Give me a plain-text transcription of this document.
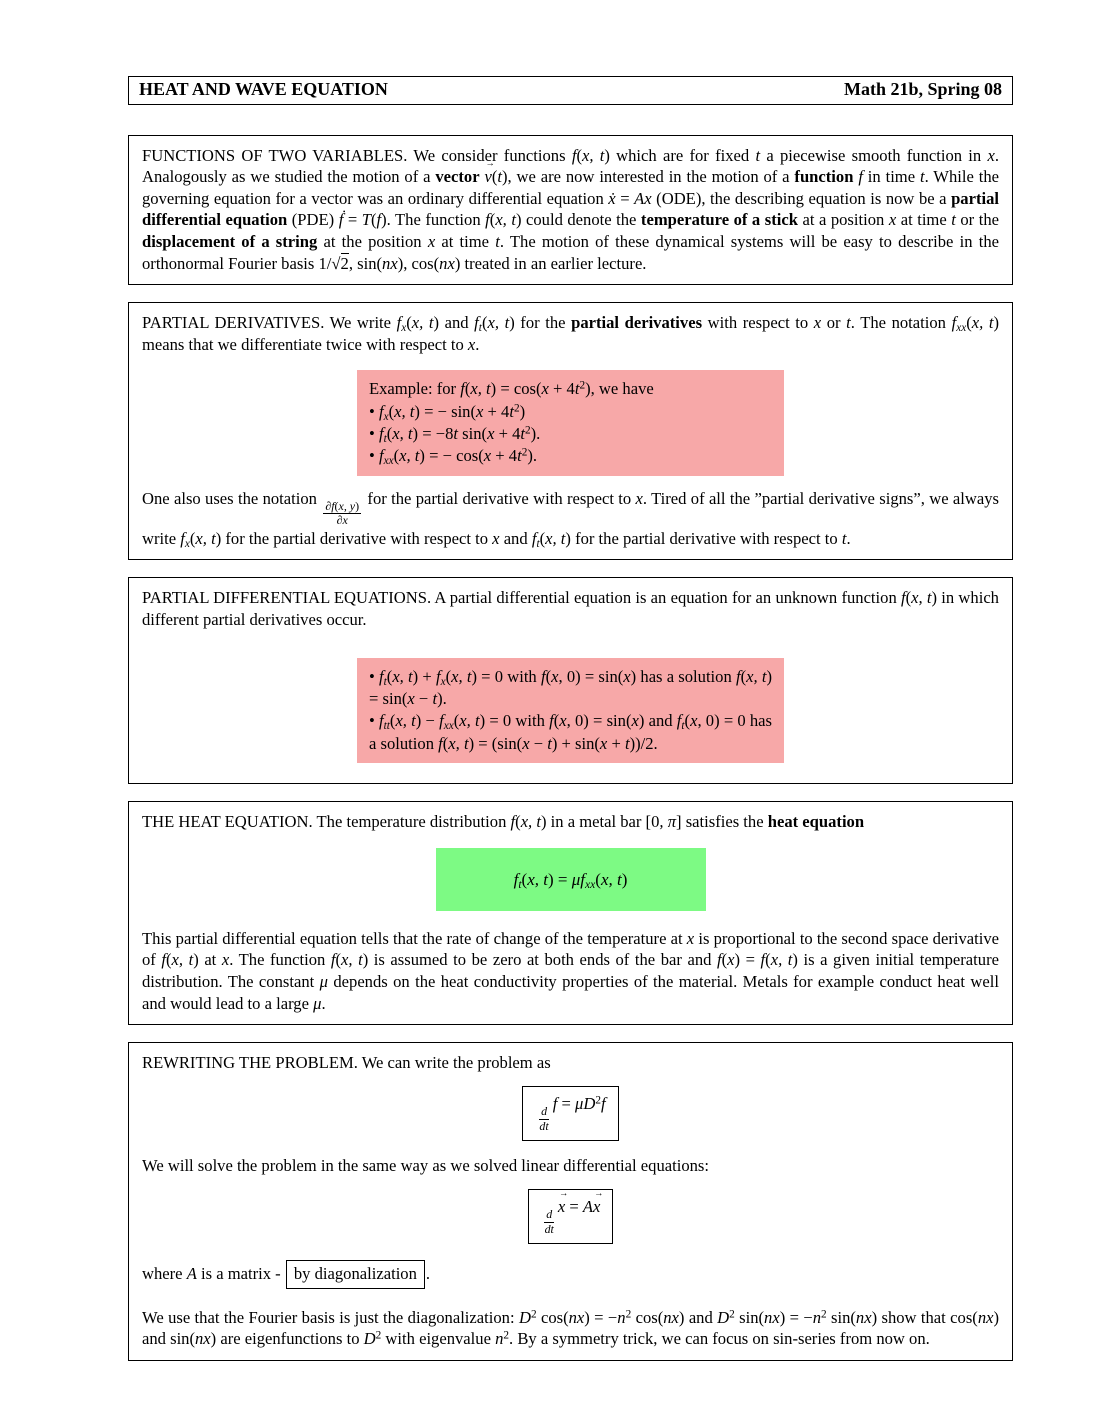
HEAT AND WAVE EQUATION	Math 21b, Spring 08

FUNCTIONS OF TWO VARIABLES. We consider functions f(x, t) which are for fixed t a piecewise smooth function in x. Analogously as we studied the motion of a vector v →(t), we are now interested in the motion of a function f in time t. While the governing equation for a vector was an ordinary differential equation ẋ = Ax (ODE), the describing equation is now be a partial differential equation (PDE) ḟ = T(f). The function f(x, t) could denote the temperature of a stick at a position x at time t or the displacement of a string at the position x at time t. The motion of these dynamical systems will be easy to describe in the orthonormal Fourier basis 1/√2, sin(nx), cos(nx) treated in an earlier lecture.

PARTIAL DERIVATIVES. We write $f_x(x$, t) and $f_t(x$, t) for the partial derivatives with respect to x or t. The notation $f_{xx}(x$, t) means that we differentiate twice with respect to x.

Example: for f(x, $t) = \cos(x + 4t^2)$, we have
• $f_x(x$, t) = − $\sin(x + 4t^2)$
• $f_t(x$, t) = −8t $\sin(x + 4t^2)$.
• $f_{xx}(x$, t) = − $\cos(x + 4t^2)$.

One also uses the notation
$\frac{\partial f(x, y)}{\partial x}$
for the partial derivative with respect to x. Tired of all the ”partial derivative signs”, we always write $f_x(x$, t) for the partial derivative with respect to x and $f_t(x$, t) for the partial derivative with respect to t.

PARTIAL DIFFERENTIAL EQUATIONS. A partial differential equation is an equation for an unknown function f(x, t) in which different partial derivatives occur.

• $f_t(x$, $t) + f_x(x$, t) = 0 with f(x, 0) = sin(x) has a solution f(x, t) = sin(x − t).
• $f_{tt}(x$, $t) - f_{xx}(x$, t) = 0 with f(x, 0) = sin(x) and $f_t(x$, 0) = 0 has a solution f(x, t) = (sin(x − t) + sin(x + t))/2.

THE HEAT EQUATION. The temperature distribution f(x, t) in a metal bar [0, π] satisfies the heat equation

$f_t(x$, $t) = \mu f_{xx}(x$, t)

This partial differential equation tells that the rate of change of the temperature at x is proportional to the second space derivative of f(x, t) at x. The function f(x, t) is assumed to be zero at both ends of the bar and f(x) = f(x, t) is a given initial temperature distribution. The constant μ depends on the heat conductivity properties of the material. Metals for example conduct heat well and would lead to a large μ.

REWRITING THE PROBLEM. We can write the problem as

$\frac{d}{dt}$
$f = \mu D^2f$

We will solve the problem in the same way as we solved linear differential equations:

$\frac{d}{dt}$
x → = Ax →

where A is a matrix - by diagonalization .

We use that the Fourier basis is just the diagonalization: $D^2$ $\cos(nx) = -n^2$ cos(nx) and $D^2$ $\sin(nx) = -n^2$ sin(nx) show that cos(nx) and sin(nx) are eigenfunctions to $D^2$ with eigenvalue $n^2$. By a symmetry trick, we can focus on sin-series from now on.
